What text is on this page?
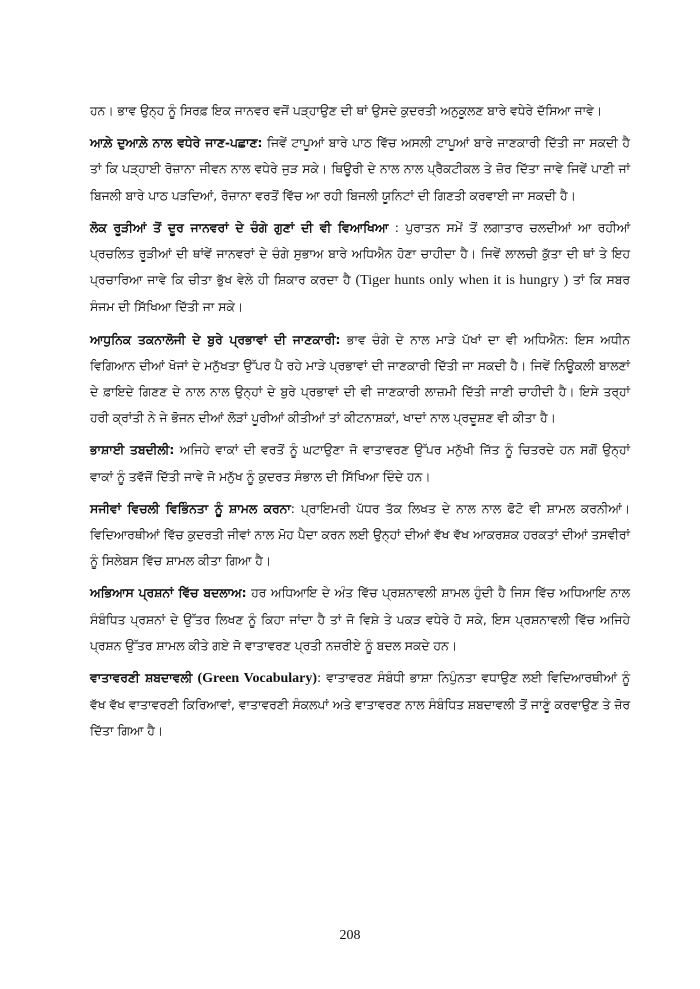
ਹਨ। ਭਾਵ ਉਨ੍ਹ ਨੂੰ ਸਿਰਫ਼ ਇਕ ਜਾਨਵਰ ਵਜੋਂ ਪੜ੍ਹਾਉਣ ਦੀ ਥਾਂ ਉਸਦੇ ਕੁਦਰਤੀ ਅਨੁਕੂਲਣ ਬਾਰੇ ਵਧੇਰੇ ਦੱਸਿਆ ਜਾਵੇ।

ਆਲ਼ੇ ਦੁਆਲ਼ੇ ਨਾਲ ਵਧੇਰੇ ਜਾਣ-ਪਛਾਣ: ਜਿਵੇਂ ਟਾਪੂਆਂ ਬਾਰੇ ਪਾਠ ਵਿੱਚ ਅਸਲੀ ਟਾਪੂਆਂ ਬਾਰੇ ਜਾਣਕਾਰੀ ਦਿੱਤੀ ਜਾ ਸਕਦੀ ਹੈ ਤਾਂ ਕਿ ਪੜ੍ਹਾਈ ਰੋਜ਼ਾਨਾ ਜੀਵਨ ਨਾਲ ਵਧੇਰੇ ਜੁੜ ਸਕੇ। ਥਿਊਰੀ ਦੇ ਨਾਲ ਨਾਲ ਪ੍ਰੈਕਟੀਕਲ ਤੇ ਜ਼ੋਰ ਦਿੱਤਾ ਜਾਵੇ ਜਿਵੇਂ ਪਾਣੀ ਜਾਂ ਬਿਜਲੀ ਬਾਰੇ ਪਾਠ ਪੜਦਿਆਂ, ਰੋਜ਼ਾਨਾ ਵਰਤੋਂ ਵਿੱਚ ਆ ਰਹੀ ਬਿਜਲੀ ਯੂਨਿਟਾਂ ਦੀ ਗਿਣਤੀ ਕਰਵਾਈ ਜਾ ਸਕਦੀ ਹੈ।

ਲੋਕ ਰੂੜੀਆਂ ਤੋਂ ਦੂਰ ਜਾਨਵਰਾਂ ਦੇ ਚੰਗੇ ਗੁਣਾਂ ਦੀ ਵੀ ਵਿਆਖਿਆ : ਪੁਰਾਤਨ ਸਮੇਂ ਤੋਂ ਲਗਾਤਾਰ ਚਲਦੀਆਂ ਆ ਰਹੀਆਂ ਪ੍ਰਚਲਿਤ ਰੂੜੀਆਂ ਦੀ ਥਾਂਵੇਂ ਜਾਨਵਰਾਂ ਦੇ ਚੰਗੇ ਸੁਭਾਅ ਬਾਰੇ ਅਧਿਐਨ ਹੋਣਾ ਚਾਹੀਦਾ ਹੈ। ਜਿਵੇਂ ਲਾਲਚੀ ਕੁੱਤਾ ਦੀ ਥਾਂ ਤੇ ਇਹ ਪ੍ਰਚਾਰਿਆ ਜਾਵੇ ਕਿ ਚੀਤਾ ਭੁੱਖ ਵੇਲੇ ਹੀ ਸ਼ਿਕਾਰ ਕਰਦਾ ਹੈ (Tiger hunts only when it is hungry ) ਤਾਂ ਕਿ ਸਬਰ ਸੰਜਮ ਦੀ ਸਿੱਖਿਆ ਦਿੱਤੀ ਜਾ ਸਕੇ।

ਆਧੁਨਿਕ ਤਕਨਾਲੋਜੀ ਦੇ ਬੁਰੇ ਪ੍ਰਭਾਵਾਂ ਦੀ ਜਾਣਕਾਰੀ: ਭਾਵ ਚੰਗੇ ਦੇ ਨਾਲ ਮਾੜੇ ਪੱਖਾਂ ਦਾ ਵੀ ਅਧਿਐਨ: ਇਸ ਅਧੀਨ ਵਿਗਿਆਨ ਦੀਆਂ ਖੋਜਾਂ ਦੇ ਮਨੁੱਖਤਾ ਉੱਪਰ ਪੈ ਰਹੇ ਮਾੜੇ ਪ੍ਰਭਾਵਾਂ ਦੀ ਜਾਣਕਾਰੀ ਦਿੱਤੀ ਜਾ ਸਕਦੀ ਹੈ। ਜਿਵੇਂ ਨਿਊਕਲੀ ਬਾਲਣਾਂ ਦੇ ਫ਼ਾਇਦੇ ਗਿਣਣ ਦੇ ਨਾਲ ਨਾਲ ਉਨ੍ਹਾਂ ਦੇ ਬੁਰੇ ਪ੍ਰਭਾਵਾਂ ਦੀ ਵੀ ਜਾਣਕਾਰੀ ਲਾਜ਼ਮੀ ਦਿੱਤੀ ਜਾਣੀ ਚਾਹੀਦੀ ਹੈ। ਇਸੇ ਤਰ੍ਹਾਂ ਹਰੀ ਕ੍ਰਾਂਤੀ ਨੇ ਜੇ ਭੋਜਨ ਦੀਆਂ ਲੋੜਾਂ ਪੂਰੀਆਂ ਕੀਤੀਆਂ ਤਾਂ ਕੀਟਨਾਸ਼ਕਾਂ, ਖਾਦਾਂ ਨਾਲ ਪ੍ਰਦੂਸ਼ਣ ਵੀ ਕੀਤਾ ਹੈ।

ਭਾਸ਼ਾਈ ਤਬਦੀਲੀ: ਅਜਿਹੇ ਵਾਕਾਂ ਦੀ ਵਰਤੋਂ ਨੂੰ ਘਟਾਉਣਾ ਜੋ ਵਾਤਾਵਰਣ ਉੱਪਰ ਮਨੁੱਖੀ ਜਿੱਤ ਨੂੰ ਚਿਤਰਦੇ ਹਨ ਸਗੋਂ ਉਨ੍ਹਾਂ ਵਾਕਾਂ ਨੂੰ ਤਵੱਜੋਂ ਦਿੱਤੀ ਜਾਵੇ ਜੋ ਮਨੁੱਖ ਨੂੰ ਕੁਦਰਤ ਸੰਭਾਲ ਦੀ ਸਿੱਖਿਆ ਦਿੰਦੇ ਹਨ।

ਸਜੀਵਾਂ ਵਿਚਲੀ ਵਿਭਿੰਨਤਾ ਨੂੰ ਸ਼ਾਮਲ ਕਰਨਾ: ਪ੍ਰਾਇਮਰੀ ਪੱਧਰ ਤੱਕ ਲਿਖਤ ਦੇ ਨਾਲ ਨਾਲ ਫੋਟੋ ਵੀ ਸ਼ਾਮਲ ਕਰਨੀਆਂ। ਵਿਦਿਆਰਥੀਆਂ ਵਿੱਚ ਕੁਦਰਤੀ ਜੀਵਾਂ ਨਾਲ ਮੋਹ ਪੈਦਾ ਕਰਨ ਲਈ ਉਨ੍ਹਾਂ ਦੀਆਂ ਵੱਖ ਵੱਖ ਆਕਰਸ਼ਕ ਹਰਕਤਾਂ ਦੀਆਂ ਤਸਵੀਰਾਂ ਨੂੰ ਸਿਲੇਬਸ ਵਿੱਚ ਸ਼ਾਮਲ ਕੀਤਾ ਗਿਆ ਹੈ।

ਅਭਿਆਸ ਪ੍ਰਸ਼ਨਾਂ ਵਿੱਚ ਬਦਲਾਅ: ਹਰ ਅਧਿਆਇ ਦੇ ਅੰਤ ਵਿੱਚ ਪ੍ਰਸ਼ਨਾਵਲੀ ਸ਼ਾਮਲ ਹੁੰਦੀ ਹੈ ਜਿਸ ਵਿੱਚ ਅਧਿਆਇ ਨਾਲ ਸੰਬੰਧਿਤ ਪ੍ਰਸ਼ਨਾਂ ਦੇ ਉੱਤਰ ਲਿਖਣ ਨੂੰ ਕਿਹਾ ਜਾਂਦਾ ਹੈ ਤਾਂ ਜੋ ਵਿਸ਼ੇ ਤੇ ਪਕੜ ਵਧੇਰੇ ਹੋ ਸਕੇ, ਇਸ ਪ੍ਰਸ਼ਨਾਵਲੀ ਵਿੱਚ ਅਜਿਹੇ ਪ੍ਰਸ਼ਨ ਉੱਤਰ ਸ਼ਾਮਲ ਕੀਤੇ ਗਏ ਜੋ ਵਾਤਾਵਰਣ ਪ੍ਰਤੀ ਨਜ਼ਰੀਏ ਨੂੰ ਬਦਲ ਸਕਦੇ ਹਨ।

ਵਾਤਾਵਰਣੀ ਸ਼ਬਦਾਵਲੀ (Green Vocabulary): ਵਾਤਾਵਰਣ ਸੰਬੰਧੀ ਭਾਸ਼ਾ ਨਿਪੁੰਨਤਾ ਵਧਾਉਣ ਲਈ ਵਿਦਿਆਰਥੀਆਂ ਨੂੰ ਵੱਖ ਵੱਖ ਵਾਤਾਵਰਣੀ ਕਿਰਿਆਵਾਂ, ਵਾਤਾਵਰਣੀ ਸੰਕਲਪਾਂ ਅਤੇ ਵਾਤਾਵਰਣ ਨਾਲ ਸੰਬੰਧਿਤ ਸ਼ਬਦਾਵਲੀ ਤੋਂ ਜਾਣੂੰ ਕਰਵਾਉਣ ਤੇ ਜ਼ੋਰ ਦਿੱਤਾ ਗਿਆ ਹੈ।

208
